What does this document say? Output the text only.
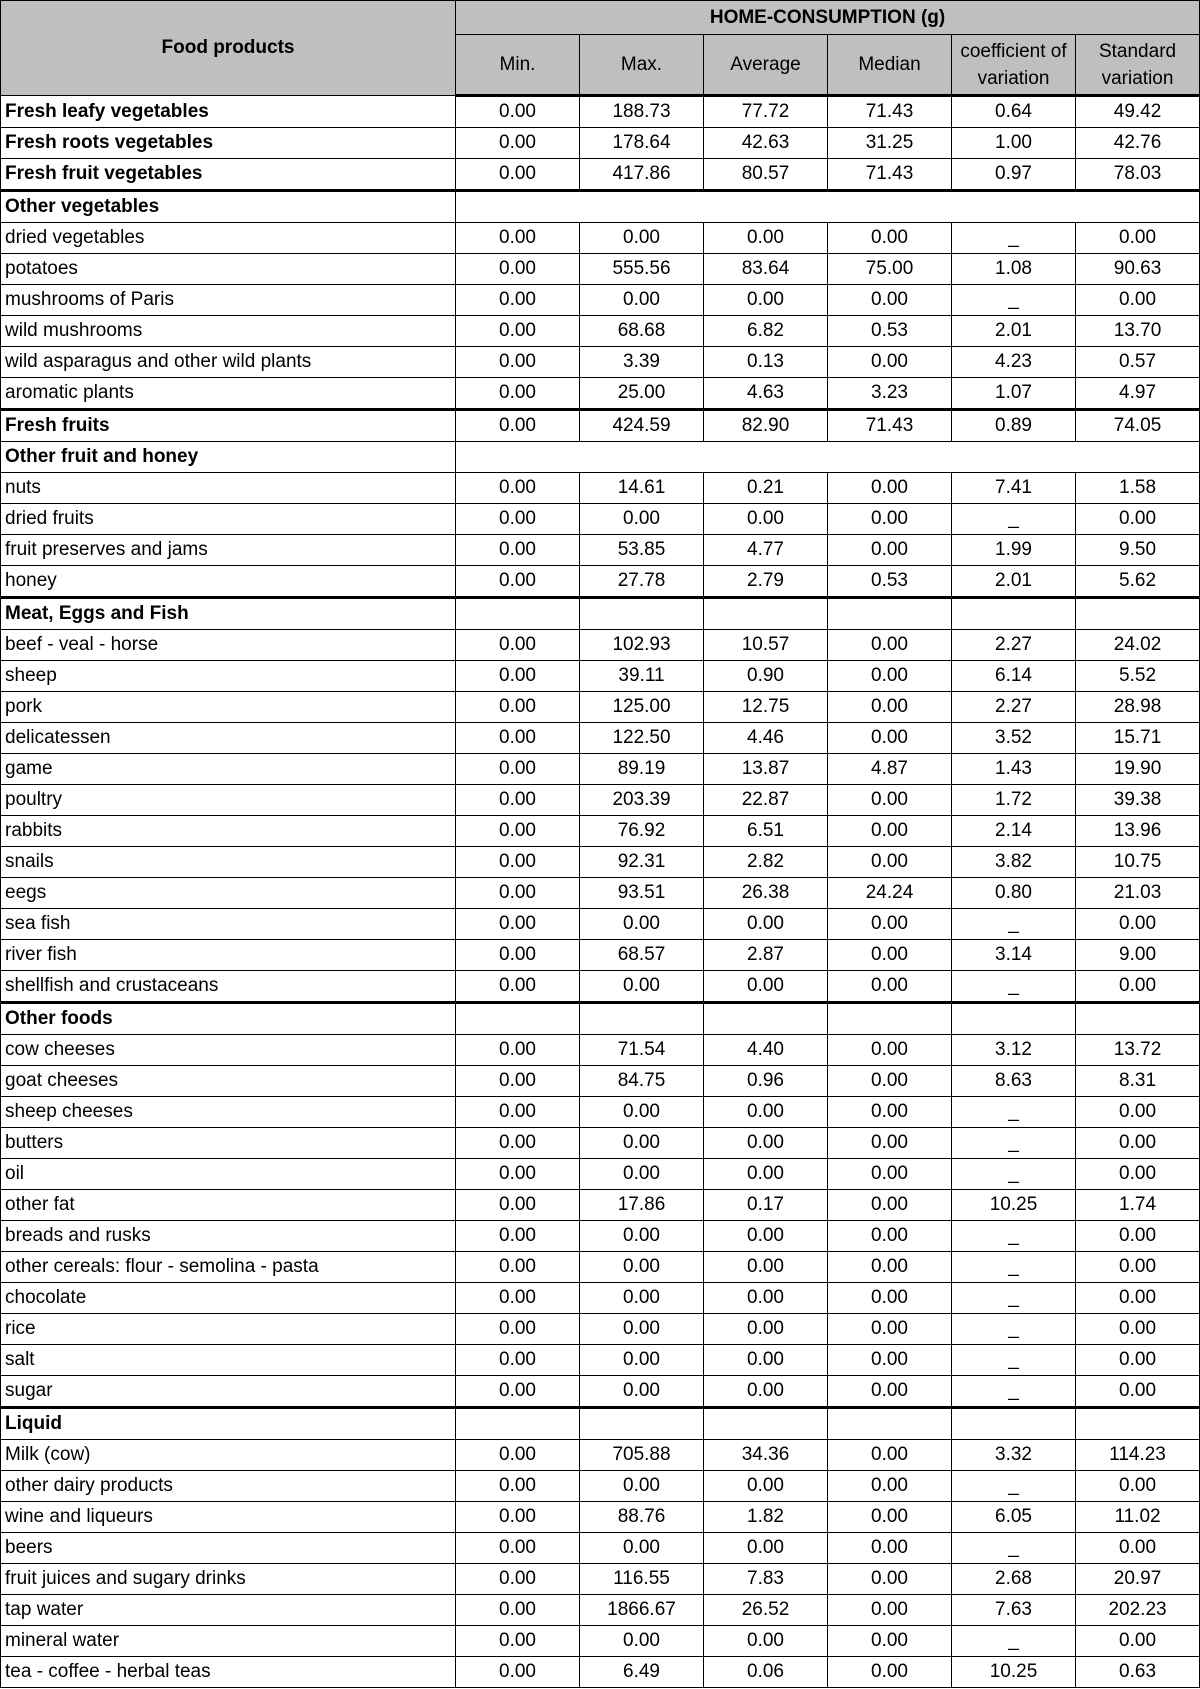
Food products	HOME-CONSUMPTION (g)					
	Min.	Max.	Average	Median	coefficient of variation	Standard variation
Fresh leafy vegetables	0.00	188.73	77.72	71.43	0.64	49.42
Fresh roots vegetables	0.00	178.64	42.63	31.25	1.00	42.76
Fresh fruit vegetables	0.00	417.86	80.57	71.43	0.97	78.03
Other vegetables						
dried vegetables	0.00	0.00	0.00	0.00	_	0.00
potatoes	0.00	555.56	83.64	75.00	1.08	90.63
mushrooms of Paris	0.00	0.00	0.00	0.00	_	0.00
wild mushrooms	0.00	68.68	6.82	0.53	2.01	13.70
wild asparagus and other wild plants	0.00	3.39	0.13	0.00	4.23	0.57
aromatic plants	0.00	25.00	4.63	3.23	1.07	4.97
Fresh fruits	0.00	424.59	82.90	71.43	0.89	74.05
Other fruit and honey						
nuts	0.00	14.61	0.21	0.00	7.41	1.58
dried fruits	0.00	0.00	0.00	0.00	_	0.00
fruit preserves and jams	0.00	53.85	4.77	0.00	1.99	9.50
honey	0.00	27.78	2.79	0.53	2.01	5.62
Meat, Eggs and Fish						
beef - veal - horse	0.00	102.93	10.57	0.00	2.27	24.02
sheep	0.00	39.11	0.90	0.00	6.14	5.52
pork	0.00	125.00	12.75	0.00	2.27	28.98
delicatessen	0.00	122.50	4.46	0.00	3.52	15.71
game	0.00	89.19	13.87	4.87	1.43	19.90
poultry	0.00	203.39	22.87	0.00	1.72	39.38
rabbits	0.00	76.92	6.51	0.00	2.14	13.96
snails	0.00	92.31	2.82	0.00	3.82	10.75
eegs	0.00	93.51	26.38	24.24	0.80	21.03
sea fish	0.00	0.00	0.00	0.00	_	0.00
river fish	0.00	68.57	2.87	0.00	3.14	9.00
shellfish and crustaceans	0.00	0.00	0.00	0.00	_	0.00
Other foods						
cow cheeses	0.00	71.54	4.40	0.00	3.12	13.72
goat cheeses	0.00	84.75	0.96	0.00	8.63	8.31
sheep cheeses	0.00	0.00	0.00	0.00	_	0.00
butters	0.00	0.00	0.00	0.00	_	0.00
oil	0.00	0.00	0.00	0.00	_	0.00
other fat	0.00	17.86	0.17	0.00	10.25	1.74
breads and rusks	0.00	0.00	0.00	0.00	_	0.00
other cereals: flour - semolina - pasta	0.00	0.00	0.00	0.00	_	0.00
chocolate	0.00	0.00	0.00	0.00	_	0.00
rice	0.00	0.00	0.00	0.00	_	0.00
salt	0.00	0.00	0.00	0.00	_	0.00
sugar	0.00	0.00	0.00	0.00	_	0.00
Liquid						
Milk (cow)	0.00	705.88	34.36	0.00	3.32	114.23
other dairy products	0.00	0.00	0.00	0.00	_	0.00
wine and liqueurs	0.00	88.76	1.82	0.00	6.05	11.02
beers	0.00	0.00	0.00	0.00	_	0.00
fruit juices and sugary drinks	0.00	116.55	7.83	0.00	2.68	20.97
tap water	0.00	1866.67	26.52	0.00	7.63	202.23
mineral water	0.00	0.00	0.00	0.00	_	0.00
tea - coffee - herbal teas	0.00	6.49	0.06	0.00	10.25	0.63
